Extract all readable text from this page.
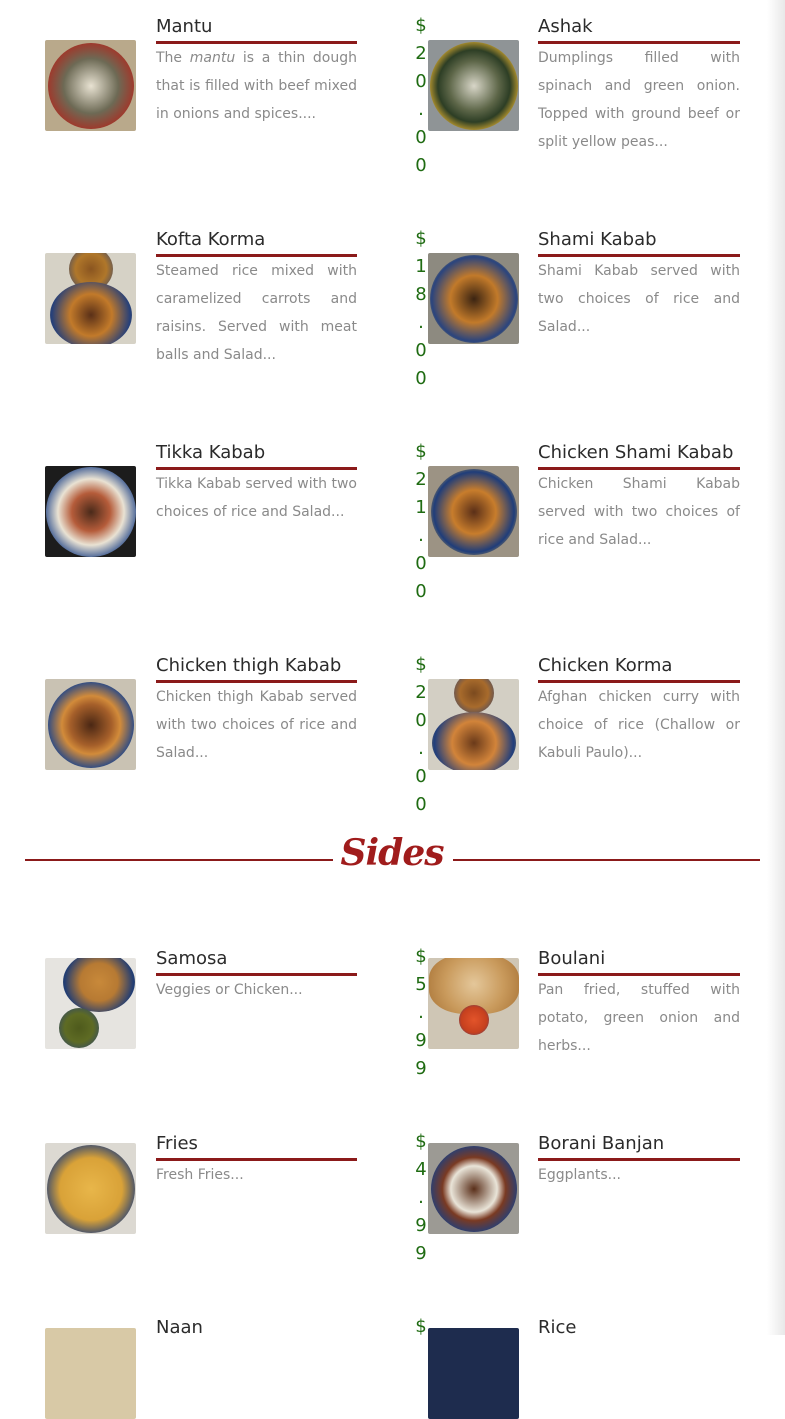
Mantu
The mantu is a thin dough that is filled with beef mixed in onions and spices....
$20.00
Ashak
Dumplings filled with spinach and green onion. Topped with ground beef or split yellow peas...
Kofta Korma
Steamed rice mixed with caramelized carrots and raisins. Served with meat balls and Salad...
$18.00
Shami Kabab
Shami Kabab served with two choices of rice and Salad...
Tikka Kabab
Tikka Kabab served with two choices of rice and Salad...
$21.00
Chicken Shami Kabab
Chicken Shami Kabab served with two choices of rice and Salad...
Chicken thigh Kabab
Chicken thigh Kabab served with two choices of rice and Salad...
$20.00
Chicken Korma
Afghan chicken curry with choice of rice (Challow or Kabuli Paulo)...
Sides
Samosa
Veggies or Chicken...
$5.99
Boulani
Pan fried, stuffed with potato, green onion and herbs...
Fries
Fresh Fries...
$4.99
Borani Banjan
Eggplants...
Naan	$	Rice
